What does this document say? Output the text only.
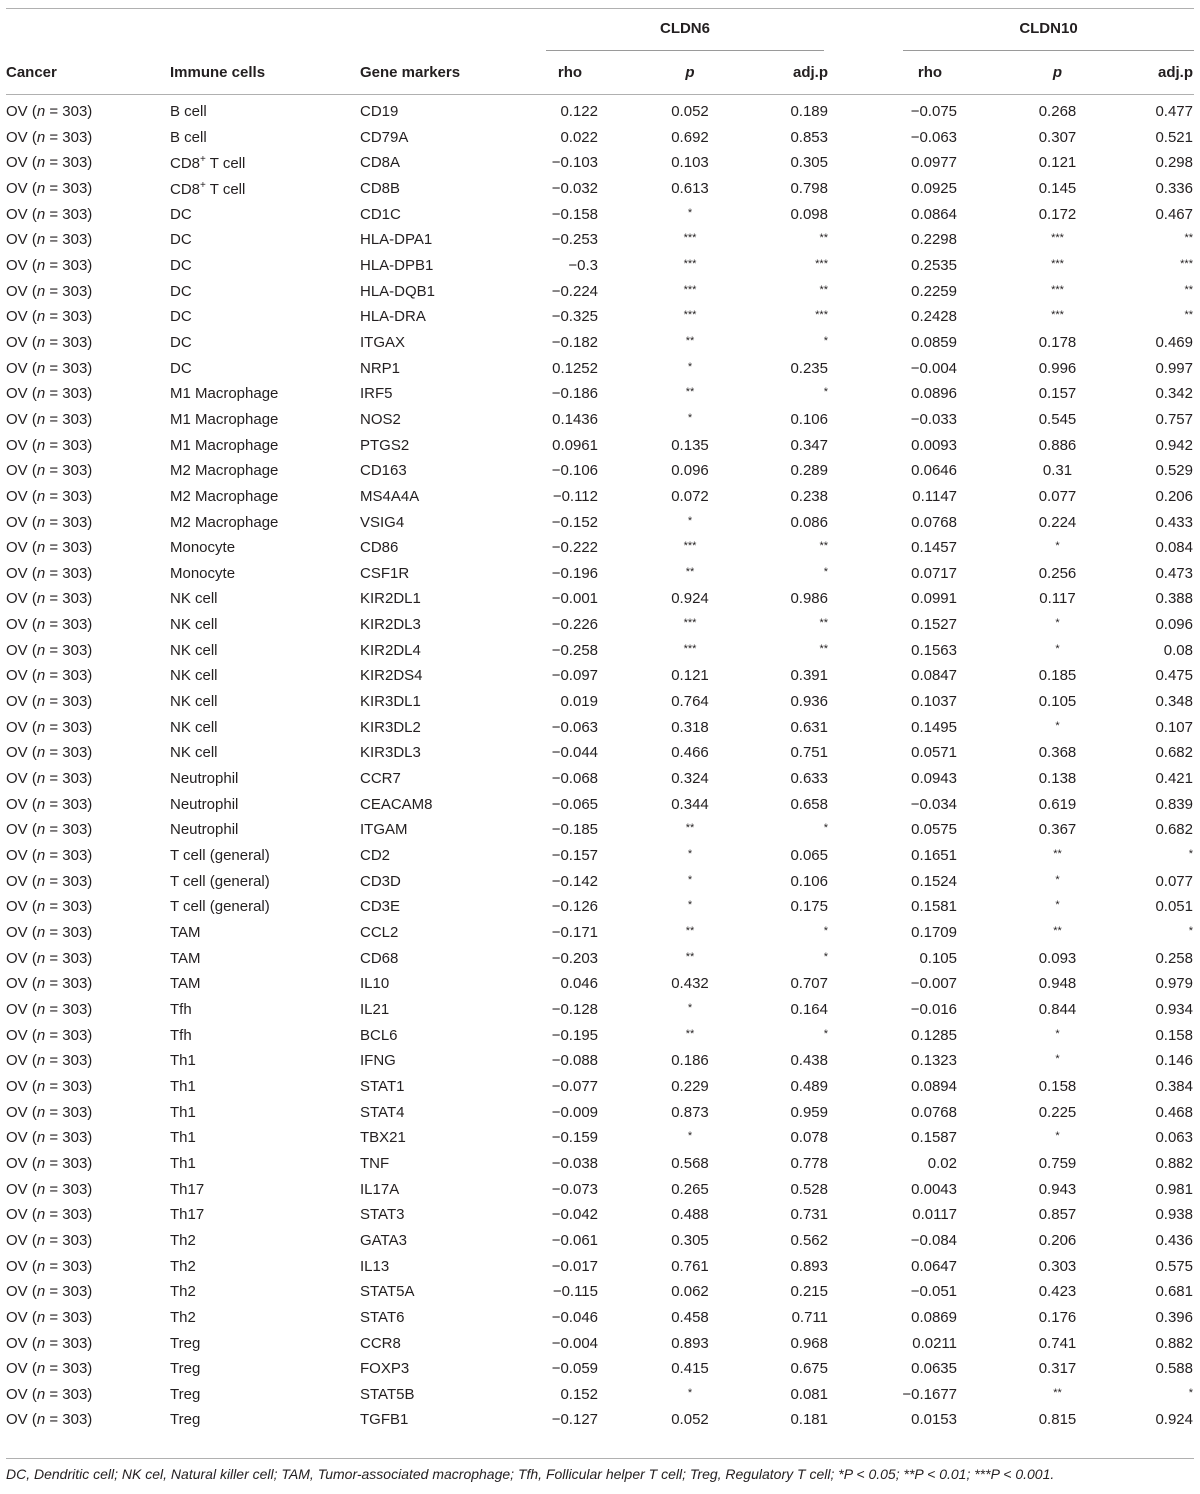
CLDN6	CLDN10
Cancer	Immune cells	Gene markers	rho	p	adj.p	rho	p	adj.p
OV (n = 303)	B cell	CD19	0.122	0.052	0.189	−0.075	0.268	0.477
OV (n = 303)	B cell	CD79A	0.022	0.692	0.853	−0.063	0.307	0.521
OV (n = 303)	CD8+ T cell	CD8A	−0.103	0.103	0.305	0.0977	0.121	0.298
OV (n = 303)	CD8+ T cell	CD8B	−0.032	0.613	0.798	0.0925	0.145	0.336
OV (n = 303)	DC	CD1C	−0.158	*	0.098	0.0864	0.172	0.467
OV (n = 303)	DC	HLA-DPA1	−0.253	***	**	0.2298	***	**
OV (n = 303)	DC	HLA-DPB1	−0.3	***	***	0.2535	***	***
OV (n = 303)	DC	HLA-DQB1	−0.224	***	**	0.2259	***	**
OV (n = 303)	DC	HLA-DRA	−0.325	***	***	0.2428	***	**
OV (n = 303)	DC	ITGAX	−0.182	**	*	0.0859	0.178	0.469
OV (n = 303)	DC	NRP1	0.1252	*	0.235	−0.004	0.996	0.997
OV (n = 303)	M1 Macrophage	IRF5	−0.186	**	*	0.0896	0.157	0.342
OV (n = 303)	M1 Macrophage	NOS2	0.1436	*	0.106	−0.033	0.545	0.757
OV (n = 303)	M1 Macrophage	PTGS2	0.0961	0.135	0.347	0.0093	0.886	0.942
OV (n = 303)	M2 Macrophage	CD163	−0.106	0.096	0.289	0.0646	0.31	0.529
OV (n = 303)	M2 Macrophage	MS4A4A	−0.112	0.072	0.238	0.1147	0.077	0.206
OV (n = 303)	M2 Macrophage	VSIG4	−0.152	*	0.086	0.0768	0.224	0.433
OV (n = 303)	Monocyte	CD86	−0.222	***	**	0.1457	*	0.084
OV (n = 303)	Monocyte	CSF1R	−0.196	**	*	0.0717	0.256	0.473
OV (n = 303)	NK cell	KIR2DL1	−0.001	0.924	0.986	0.0991	0.117	0.388
OV (n = 303)	NK cell	KIR2DL3	−0.226	***	**	0.1527	*	0.096
OV (n = 303)	NK cell	KIR2DL4	−0.258	***	**	0.1563	*	0.08
OV (n = 303)	NK cell	KIR2DS4	−0.097	0.121	0.391	0.0847	0.185	0.475
OV (n = 303)	NK cell	KIR3DL1	0.019	0.764	0.936	0.1037	0.105	0.348
OV (n = 303)	NK cell	KIR3DL2	−0.063	0.318	0.631	0.1495	*	0.107
OV (n = 303)	NK cell	KIR3DL3	−0.044	0.466	0.751	0.0571	0.368	0.682
OV (n = 303)	Neutrophil	CCR7	−0.068	0.324	0.633	0.0943	0.138	0.421
OV (n = 303)	Neutrophil	CEACAM8	−0.065	0.344	0.658	−0.034	0.619	0.839
OV (n = 303)	Neutrophil	ITGAM	−0.185	**	*	0.0575	0.367	0.682
OV (n = 303)	T cell (general)	CD2	−0.157	*	0.065	0.1651	**	*
OV (n = 303)	T cell (general)	CD3D	−0.142	*	0.106	0.1524	*	0.077
OV (n = 303)	T cell (general)	CD3E	−0.126	*	0.175	0.1581	*	0.051
OV (n = 303)	TAM	CCL2	−0.171	**	*	0.1709	**	*
OV (n = 303)	TAM	CD68	−0.203	**	*	0.105	0.093	0.258
OV (n = 303)	TAM	IL10	0.046	0.432	0.707	−0.007	0.948	0.979
OV (n = 303)	Tfh	IL21	−0.128	*	0.164	−0.016	0.844	0.934
OV (n = 303)	Tfh	BCL6	−0.195	**	*	0.1285	*	0.158
OV (n = 303)	Th1	IFNG	−0.088	0.186	0.438	0.1323	*	0.146
OV (n = 303)	Th1	STAT1	−0.077	0.229	0.489	0.0894	0.158	0.384
OV (n = 303)	Th1	STAT4	−0.009	0.873	0.959	0.0768	0.225	0.468
OV (n = 303)	Th1	TBX21	−0.159	*	0.078	0.1587	*	0.063
OV (n = 303)	Th1	TNF	−0.038	0.568	0.778	0.02	0.759	0.882
OV (n = 303)	Th17	IL17A	−0.073	0.265	0.528	0.0043	0.943	0.981
OV (n = 303)	Th17	STAT3	−0.042	0.488	0.731	0.0117	0.857	0.938
OV (n = 303)	Th2	GATA3	−0.061	0.305	0.562	−0.084	0.206	0.436
OV (n = 303)	Th2	IL13	−0.017	0.761	0.893	0.0647	0.303	0.575
OV (n = 303)	Th2	STAT5A	−0.115	0.062	0.215	−0.051	0.423	0.681
OV (n = 303)	Th2	STAT6	−0.046	0.458	0.711	0.0869	0.176	0.396
OV (n = 303)	Treg	CCR8	−0.004	0.893	0.968	0.0211	0.741	0.882
OV (n = 303)	Treg	FOXP3	−0.059	0.415	0.675	0.0635	0.317	0.588
OV (n = 303)	Treg	STAT5B	0.152	*	0.081	−0.1677	**	*
OV (n = 303)	Treg	TGFB1	−0.127	0.052	0.181	0.0153	0.815	0.924
DC, Dendritic cell; NK cel, Natural killer cell; TAM, Tumor-associated macrophage; Tfh, Follicular helper T cell; Treg, Regulatory T cell; *P < 0.05; **P < 0.01; ***P < 0.001.
